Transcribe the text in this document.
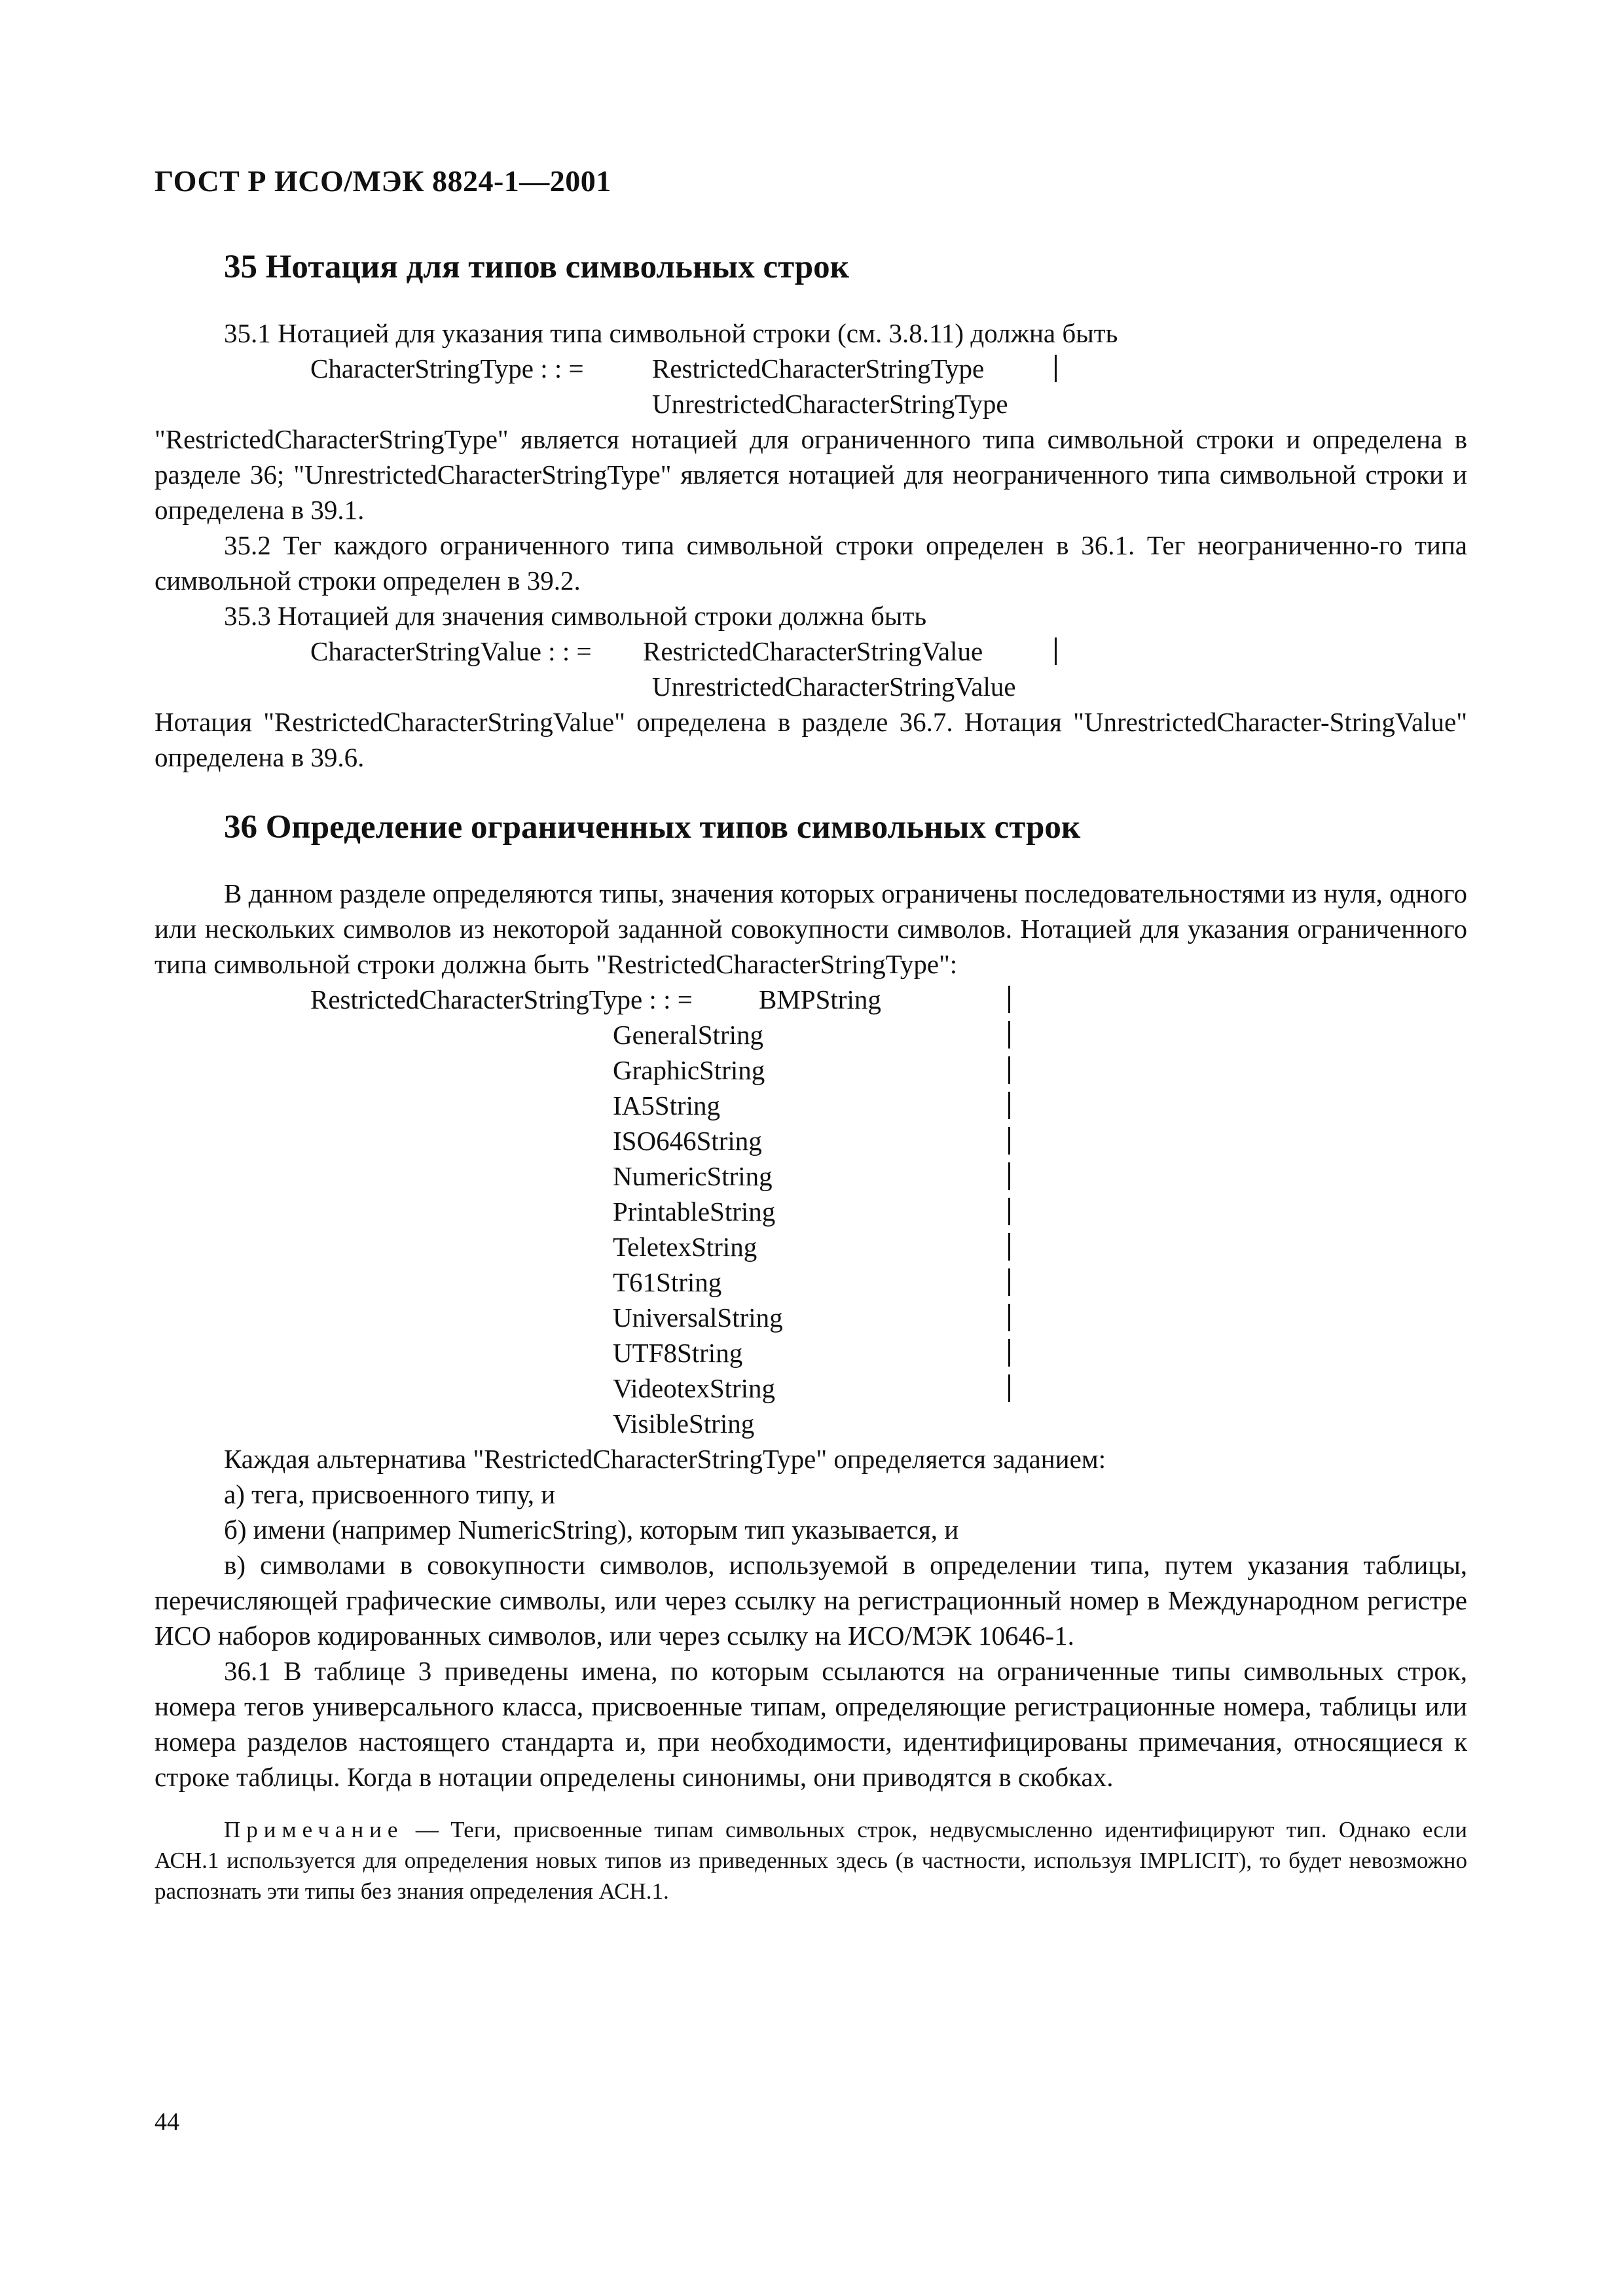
ГОСТ Р ИСО/МЭК 8824-1—2001
35 Нотация для типов символьных строк

35.1 Нотацией для указания типа символьной строки (см. 3.8.11) должна быть

CharacterStringType : : =	RestrictedCharacterStringType
UnrestrictedCharacterStringType

"RestrictedCharacterStringType" является нотацией для ограниченного типа символьной строки и определена в разделе 36; "UnrestrictedCharacterStringType" является нотацией для неограниченного типа символьной строки и определена в 39.1.

35.2 Тег каждого ограниченного типа символьной строки определен в 36.1. Тег неограниченно-го типа символьной строки определен в 39.2.

35.3 Нотацией для значения символьной строки должна быть

CharacterStringValue : : = RestrictedCharacterStringValue
UnrestrictedCharacterStringValue

Нотация "RestrictedCharacterStringValue" определена в разделе 36.7. Нотация "UnrestrictedCharacter-StringValue" определена в 39.6.

36 Определение ограниченных типов символьных строк

В данном разделе определяются типы, значения которых ограничены последовательностями из нуля, одного или нескольких символов из некоторой заданной совокупности символов. Нотацией для указания ограниченного типа символьной строки должна быть "RestrictedCharacterStringType":

RestrictedCharacterStringType : : = BMPString
GeneralString
GraphicString
IA5String
ISO646String
NumericString
PrintableString
TeletexString
T61String
UniversalString
UTF8String
VideotexString
VisibleString

Каждая альтернатива "RestrictedCharacterStringType" определяется заданием:

а) тега, присвоенного типу, и

б) имени (например NumericString), которым тип указывается, и

в) символами в совокупности символов, используемой в определении типа, путем указания таблицы, перечисляющей графические символы, или через ссылку на регистрационный номер в Международном регистре ИСО наборов кодированных символов, или через ссылку на ИСО/МЭК 10646-1.

36.1 В таблице 3 приведены имена, по которым ссылаются на ограниченные типы символьных строк, номера тегов универсального класса, присвоенные типам, определяющие регистрационные номера, таблицы или номера разделов настоящего стандарта и, при необходимости, идентифицированы примечания, относящиеся к строке таблицы. Когда в нотации определены синонимы, они приводятся в скобках.

Примечание — Теги, присвоенные типам символьных строк, недвусмысленно идентифицируют тип. Однако если АСН.1 используется для определения новых типов из приведенных здесь (в частности, используя IMPLICIT), то будет невозможно распознать эти типы без знания определения АСН.1.

44
